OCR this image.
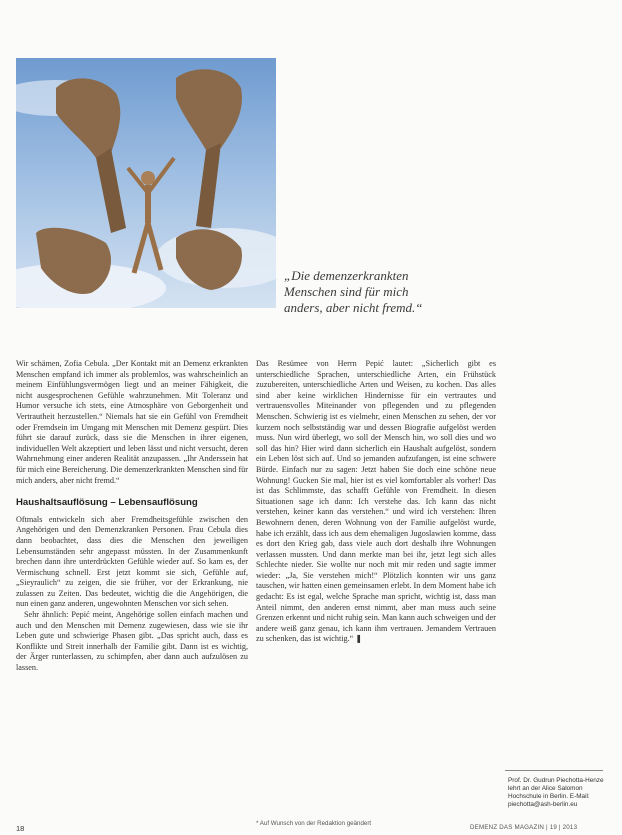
„Die demenzerkrankten
Menschen sind für mich
anders, aber nicht fremd.“

Wir schämen, Zofia Cebula. „Der Kontakt mit an Demenz erkrankten Menschen empfand ich immer als problemlos, was wahrscheinlich an meinem Einfühlungsvermögen liegt und an meiner Fähigkeit, die nicht ausgesprochenen Gefühle wahrzunehmen. Mit Toleranz und Humor versuche ich stets, eine Atmosphäre von Geborgenheit und Vertrautheit herzustellen.“ Niemals hat sie ein Gefühl von Fremdheit oder Fremdsein im Umgang mit Menschen mit Demenz gespürt. Dies führt sie darauf zurück, dass sie die Menschen in ihrer eigenen, individuellen Welt akzeptiert und leben lässt und nicht versucht, deren Wahrnehmung einer anderen Realität anzupassen. „Ihr Anderssein hat für mich eine Bereicherung. Die demenzerkrankten Menschen sind für mich anders, aber nicht fremd.“

Haushaltsauflösung – Lebensauflösung

Oftmals entwickeln sich aber Fremdheitsgefühle zwischen den Angehörigen und den Demenzkranken Personen. Frau Cebula dies dann beobachtet, dass dies die Menschen den jeweiligen Lebensumständen sehr angepasst müssten. In der Zusammenkunft brechen dann ihre unterdrückten Gefühle wieder auf. So kam es, der Vermischung schnell. Erst jetzt kommt sie sich, Gefühle auf, „Sieyraulich“ zu zeigen, die sie früher, vor der Erkrankung, nie zulassen zu Zeiten. Das bedeutet, wichtig die die Angehörigen, die nun einen ganz anderen, ungewohnten Menschen vor sich sehen.

Sehr ähnlich: Pepić meint, Angehörige sollen einfach machen und auch und den Menschen mit Demenz zugewiesen, dass wie sie ihr Leben gute und schwierige Phasen gibt. „Das spricht auch, dass es Konflikte und Streit innerhalb der Familie gibt. Dann ist es wichtig, der Ärger runterlassen, zu schimpfen, aber dann auch aufzulösen zu lassen.

Das Resümee von Herrn Pepić lautet: „Sicherlich gibt es unterschiedliche Sprachen, unterschiedliche Arten, ein Frühstück zuzubereiten, unterschiedliche Arten und Weisen, zu kochen. Das alles sind aber keine wirklichen Hindernisse für ein vertrautes und vertrauensvolles Miteinander von pflegenden und zu pflegenden Menschen. Schwierig ist es vielmehr, einen Menschen zu sehen, der vor kurzem noch selbstständig war und dessen Biografie aufgelöst werden muss. Nun wird überlegt, wo soll der Mensch hin, wo soll dies und wo soll das hin? Hier wird dann sicherlich ein Haushalt aufgelöst, sondern ein Leben löst sich auf. Und so jemanden aufzufangen, ist eine schwere Bürde. Einfach nur zu sagen: Jetzt haben Sie doch eine schöne neue Wohnung! Gucken Sie mal, hier ist es viel komfortabler als vorher! Das ist das Schlimmste, das schafft Gefühle von Fremdheit. In diesen Situationen sage ich dann: Ich verstehe das. Ich kann das nicht verstehen, keiner kann das verstehen.“ und wird ich verstehen: Ihren Bewohnern denen, deren Wohnung von der Familie aufgelöst wurde, habe ich erzählt, dass ich aus dem ehemaligen Jugoslawien komme, dass es dort den Krieg gab, dass viele auch dort deshalb ihre Wohnungen verlassen mussten. Und dann merkte man bei ihr, jetzt legt sich alles Schlechte nieder. Sie wollte nur noch mit mir reden und sagte immer wieder: „Ja, Sie verstehen mich!“ Plötzlich konnten wir uns ganz tauschen, wir hatten einen gemeinsamen erlebt. In dem Moment habe ich gedacht: Es ist egal, welche Sprache man spricht, wichtig ist, dass man Anteil nimmt, den anderen ernst nimmt, aber man muss auch seine Grenzen erkennt und nicht ruhig sein. Man kann auch schweigen und der andere weiß ganz genau, ich kann ihm vertrauen. Jemandem Vertrauen zu schenken, das ist wichtig.“ ❚

Prof. Dr. Gudrun Piechotta-Henze lehrt an der Alice Salomon Hochschule in Berlin. E-Mail: piechotta@ash-berlin.eu
* Auf Wunsch von der Redaktion geändert
18	DEMENZ DAS MAGAZIN | 19 | 2013
